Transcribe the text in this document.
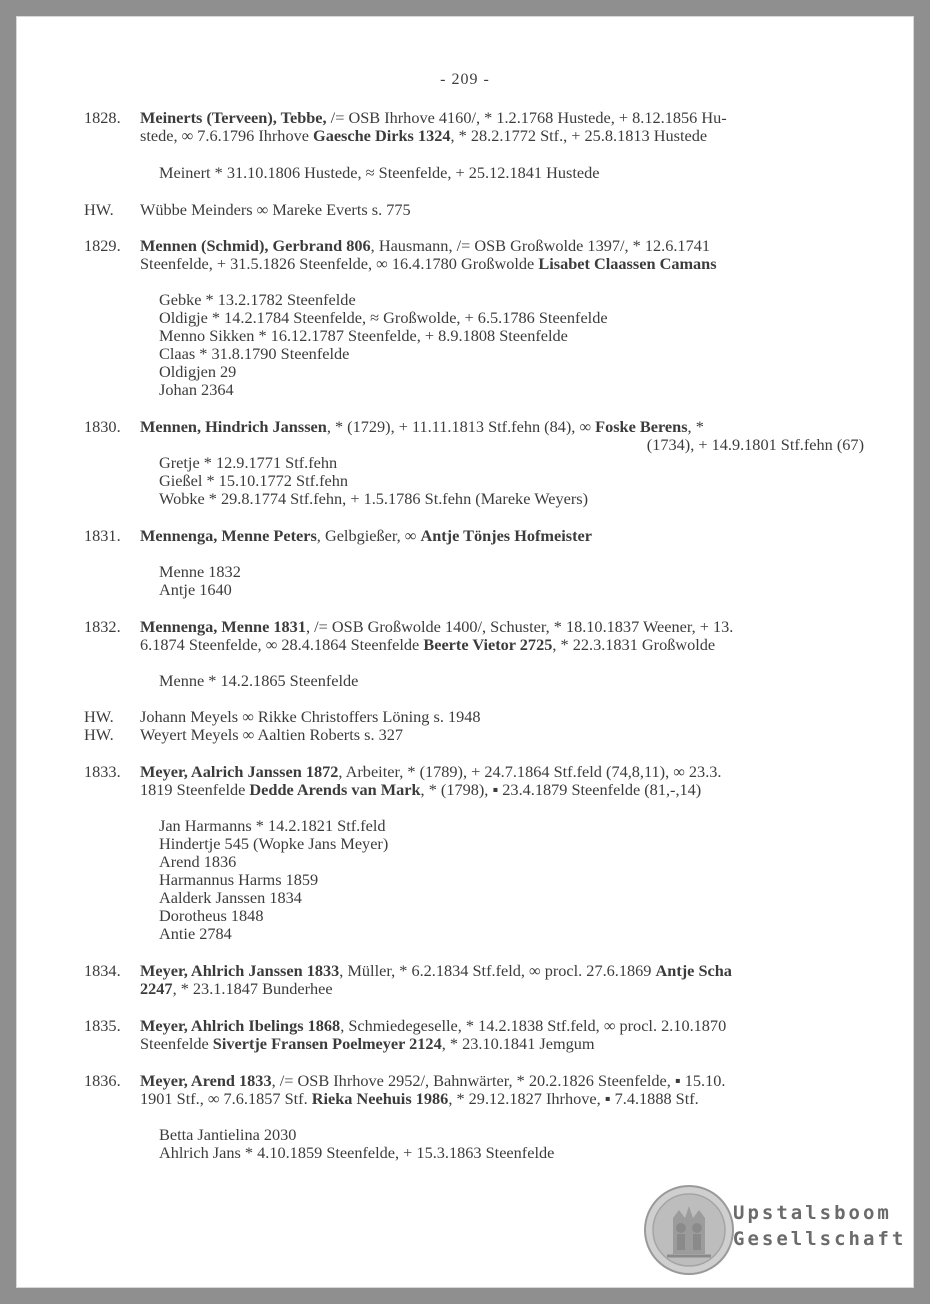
- 209 -
1828.	Meinerts (Terveen), Tebbe, /= OSB Ihrhove 4160/, * 1.2.1768 Hustede, + 8.12.1856 Hu-
stede, ∞ 7.6.1796 Ihrhove Gaesche Dirks 1324, * 28.2.1772 Stf., + 25.8.1813 Hustede
Meinert * 31.10.1806 Hustede, ≈ Steenfelde, + 25.12.1841 Hustede
HW.	Wübbe Meinders ∞ Mareke Everts s. 775
1829.	Mennen (Schmid), Gerbrand 806, Hausmann, /= OSB Großwolde 1397/, * 12.6.1741
Steenfelde, + 31.5.1826 Steenfelde, ∞ 16.4.1780 Großwolde Lisabet Claassen Camans
Gebke * 13.2.1782 Steenfelde
Oldigje * 14.2.1784 Steenfelde, ≈ Großwolde, + 6.5.1786 Steenfelde
Menno Sikken * 16.12.1787 Steenfelde, + 8.9.1808 Steenfelde
Claas * 31.8.1790 Steenfelde
Oldigjen 29
Johan 2364
1830.	Mennen, Hindrich Janssen, * (1729), + 11.11.1813 Stf.fehn (84), ∞ Foske Berens, *
(1734), + 14.9.1801 Stf.fehn (67)
Gretje * 12.9.1771 Stf.fehn
Gießel * 15.10.1772 Stf.fehn
Wobke * 29.8.1774 Stf.fehn, + 1.5.1786 St.fehn (Mareke Weyers)
1831.	Mennenga, Menne Peters, Gelbgießer, ∞ Antje Tönjes Hofmeister
Menne 1832
Antje 1640
1832.	Mennenga, Menne 1831, /= OSB Großwolde 1400/, Schuster, * 18.10.1837 Weener, + 13.
6.1874 Steenfelde, ∞ 28.4.1864 Steenfelde Beerte Vietor 2725, * 22.3.1831 Großwolde
Menne * 14.2.1865 Steenfelde
HW.	Johann Meyels ∞ Rikke Christoffers Löning s. 1948
HW.	Weyert Meyels ∞ Aaltien Roberts s. 327
1833.	Meyer, Aalrich Janssen 1872, Arbeiter, * (1789), + 24.7.1864 Stf.feld (74,8,11), ∞ 23.3.
1819 Steenfelde Dedde Arends van Mark, * (1798), ▪ 23.4.1879 Steenfelde (81,-,14)
Jan Harmanns * 14.2.1821 Stf.feld
Hindertje 545 (Wopke Jans Meyer)
Arend 1836
Harmannus Harms 1859
Aalderk Janssen 1834
Dorotheus 1848
Antie 2784
1834.	Meyer, Ahlrich Janssen 1833, Müller, * 6.2.1834 Stf.feld, ∞ procl. 27.6.1869 Antje Scha
2247, * 23.1.1847 Bunderhee
1835.	Meyer, Ahlrich Ibelings 1868, Schmiedegeselle, * 14.2.1838 Stf.feld, ∞ procl. 2.10.1870
Steenfelde Sivertje Fransen Poelmeyer 2124, * 23.10.1841 Jemgum
1836.	Meyer, Arend 1833, /= OSB Ihrhove 2952/, Bahnwärter, * 20.2.1826 Steenfelde, ▪ 15.10.
1901 Stf., ∞ 7.6.1857 Stf. Rieka Neehuis 1986, * 29.12.1827 Ihrhove, ▪ 7.4.1888 Stf.
Betta Jantielina 2030
Ahlrich Jans * 4.10.1859 Steenfelde, + 15.3.1863 Steenfelde
Upstalsboom
Gesellschaft
